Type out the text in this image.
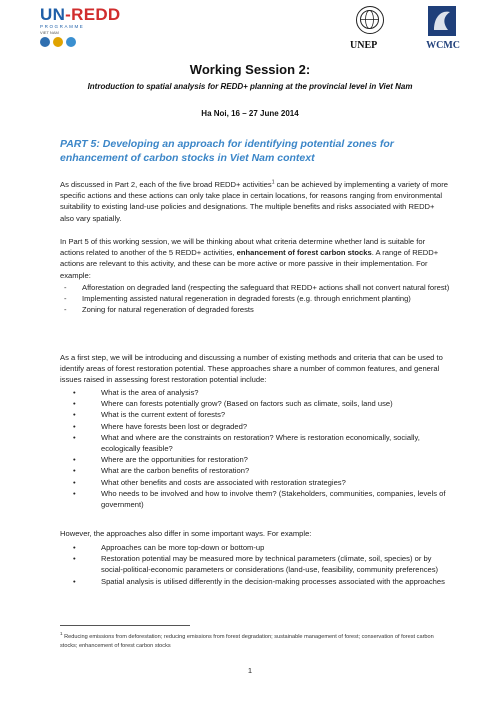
UN-REDD
PROGRAMME
VIET NAM
UNEP	WCMC
Working Session 2:
Introduction to spatial analysis for REDD+ planning at the provincial level in Viet Nam
Ha Noi, 16 – 27 June 2014
PART 5: Developing an approach for identifying potential zones for enhancement of carbon stocks in Viet Nam context

As discussed in Part 2, each of the five broad REDD+ activities$^1$ can be achieved by implementing a variety of more specific actions and these actions can only take place in certain locations, for reasons ranging from environmental suitability to existing land-use policies and designations. The multiple benefits and risks associated with REDD+ also vary spatially.

In Part 5 of this working session, we will be thinking about what criteria determine whether land is suitable for actions related to another of the 5 REDD+ activities, enhancement of forest carbon stocks. A range of REDD+ actions are relevant to this activity, and these can be more active or more passive in their implementation. For example:

-	Afforestation on degraded land (respecting the safeguard that REDD+ actions shall not convert natural forest)
-	Implementing assisted natural regeneration in degraded forests (e.g. through enrichment planting)
-	Zoning for natural regeneration of degraded forests

As a first step, we will be introducing and discussing a number of existing methods and criteria that can be used to identify areas of forest restoration potential. These approaches share a number of common features, and general issues raised in assessing forest restoration potential include:

•	What is the area of analysis?
•	Where can forests potentially grow? (Based on factors such as climate, soils, land use)
•	What is the current extent of forests?
•	Where have forests been lost or degraded?
•	What and where are the constraints on restoration? Where is restoration economically, socially, ecologically feasible?
•	Where are the opportunities for restoration?
•	What are the carbon benefits of restoration?
•	What other benefits and costs are associated with restoration strategies?
•	Who needs to be involved and how to involve them? (Stakeholders, communities, companies, levels of government)

However, the approaches also differ in some important ways. For example:

•	Approaches can be more top-down or bottom-up
•	Restoration potential may be measured more by technical parameters (climate, soil, species) or by social-political-economic parameters or considerations (land-use, feasibility, community preferences)
•	Spatial analysis is utilised differently in the decision-making processes associated with the approaches
$^1$ Reducing emissions from deforestation; reducing emissions from forest degradation; sustainable management of forest; conservation of forest carbon stocks; enhancement of forest carbon stocks
1
